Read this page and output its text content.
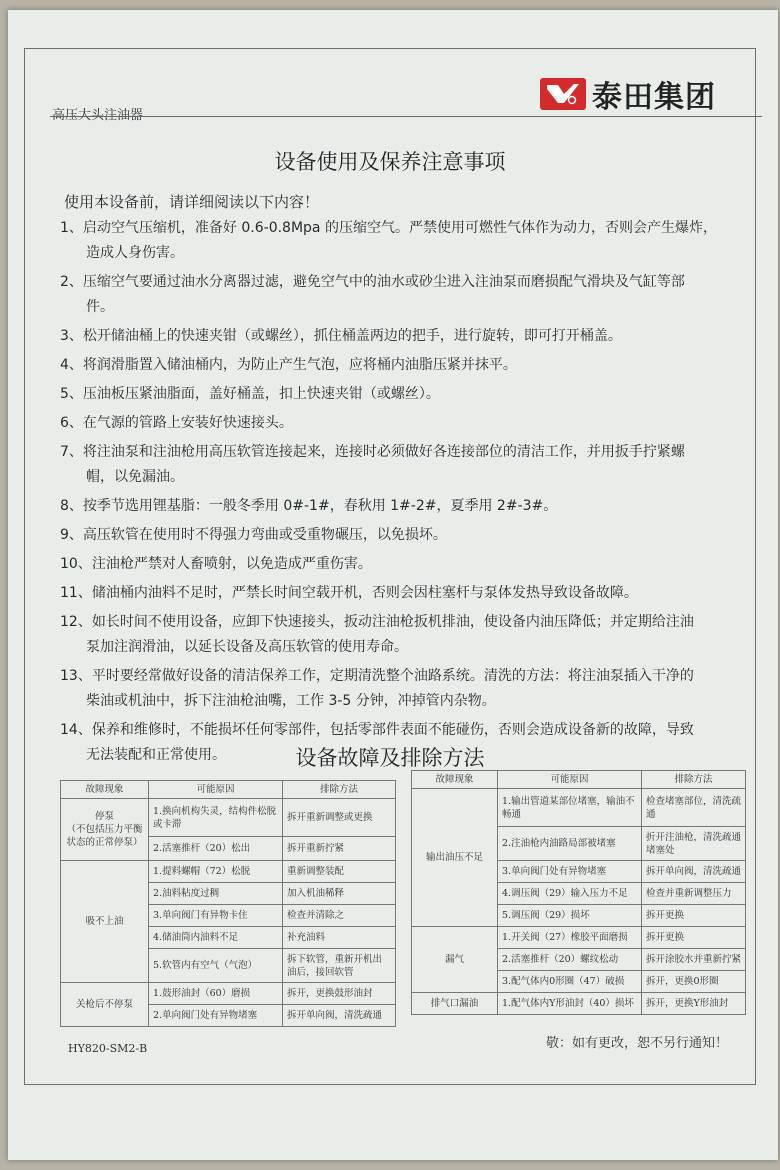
高压大头注油器
泰田集团
设备使用及保养注意事项
使用本设备前，请详细阅读以下内容！
1、启动空气压缩机，准备好 0.6-0.8Mpa 的压缩空气。严禁使用可燃性气体作为动力，否则会产生爆炸，
造成人身伤害。
2、压缩空气要通过油水分离器过滤，避免空气中的油水或砂尘进入注油泵而磨损配气滑块及气缸等部
件。
3、松开储油桶上的快速夹钳（或螺丝），抓住桶盖两边的把手，进行旋转，即可打开桶盖。
4、将润滑脂置入储油桶内，为防止产生气泡，应将桶内油脂压紧并抹平。
5、压油板压紧油脂面，盖好桶盖，扣上快速夹钳（或螺丝）。
6、在气源的管路上安装好快速接头。
7、将注油泵和注油枪用高压软管连接起来，连接时必须做好各连接部位的清洁工作，并用扳手拧紧螺
帽，以免漏油。
8、按季节选用锂基脂：一般冬季用 0#-1#，春秋用 1#-2#，夏季用 2#-3#。
9、高压软管在使用时不得强力弯曲或受重物碾压，以免损坏。
10、注油枪严禁对人畜喷射，以免造成严重伤害。
11、储油桶内油料不足时，严禁长时间空载开机，否则会因柱塞杆与泵体发热导致设备故障。
12、如长时间不使用设备，应卸下快速接头，扳动注油枪扳机排油，使设备内油压降低；并定期给注油
泵加注润滑油，以延长设备及高压软管的使用寿命。
13、平时要经常做好设备的清洁保养工作，定期清洗整个油路系统。清洗的方法：将注油泵插入干净的
柴油或机油中，拆下注油枪油嘴，工作 3-5 分钟，冲掉管内杂物。
14、保养和维修时，不能损坏任何零部件，包括零部件表面不能碰伤，否则会造成设备新的故障，导致
无法装配和正常使用。	设备故障及排除方法
故障现象	可能原因	排除方法
停泵
（不包括压力平衡
状态的正常停泵）	1.换向机构失灵，结构件松脱或卡滞	拆开重新调整或更换
	2.活塞推杆（20）松出	拆开重新拧紧
吸不上油	1.提料螺帽（72）松脱	重新调整装配
	2.油料粘度过稠	加入机油稀释
	3.单向阀门有异物卡住	检查并清除之
	4.储油筒内油料不足	补充油料
	5.软管内有空气（气泡）	拆下软管，重新开机出油后，接回软管
关枪后不停泵	1.鼓形油封（60）磨损	拆开，更换鼓形油封
	2.单向阀门处有异物堵塞	拆开单向阀，清洗疏通
故障现象	可能原因	排除方法
输出油压不足	1.输出管道某部位堵塞，输油不畅通	检查堵塞部位，清洗疏通
	2.注油枪内油路局部被堵塞	折开注油枪，清洗疏通堵塞处
	3.单向阀门处有异物堵塞	拆开单向阀，清洗疏通
	4.调压阀（29）输入压力不足	检查并重新调整压力
	5.调压阀（29）损坏	拆开更换
漏气	1.开关阀（27）橡胶平面磨损	拆开更换
	2.活塞推杆（20）螺纹松动	拆开涂胶水并重新拧紧
	3.配气体内0形圈（47）破损	拆开，更换0形圈
排气口漏油	1.配气体内Y形油封（40）损坏	拆开，更换Y形油封
HY820-SM2-B	敬：如有更改，恕不另行通知！
